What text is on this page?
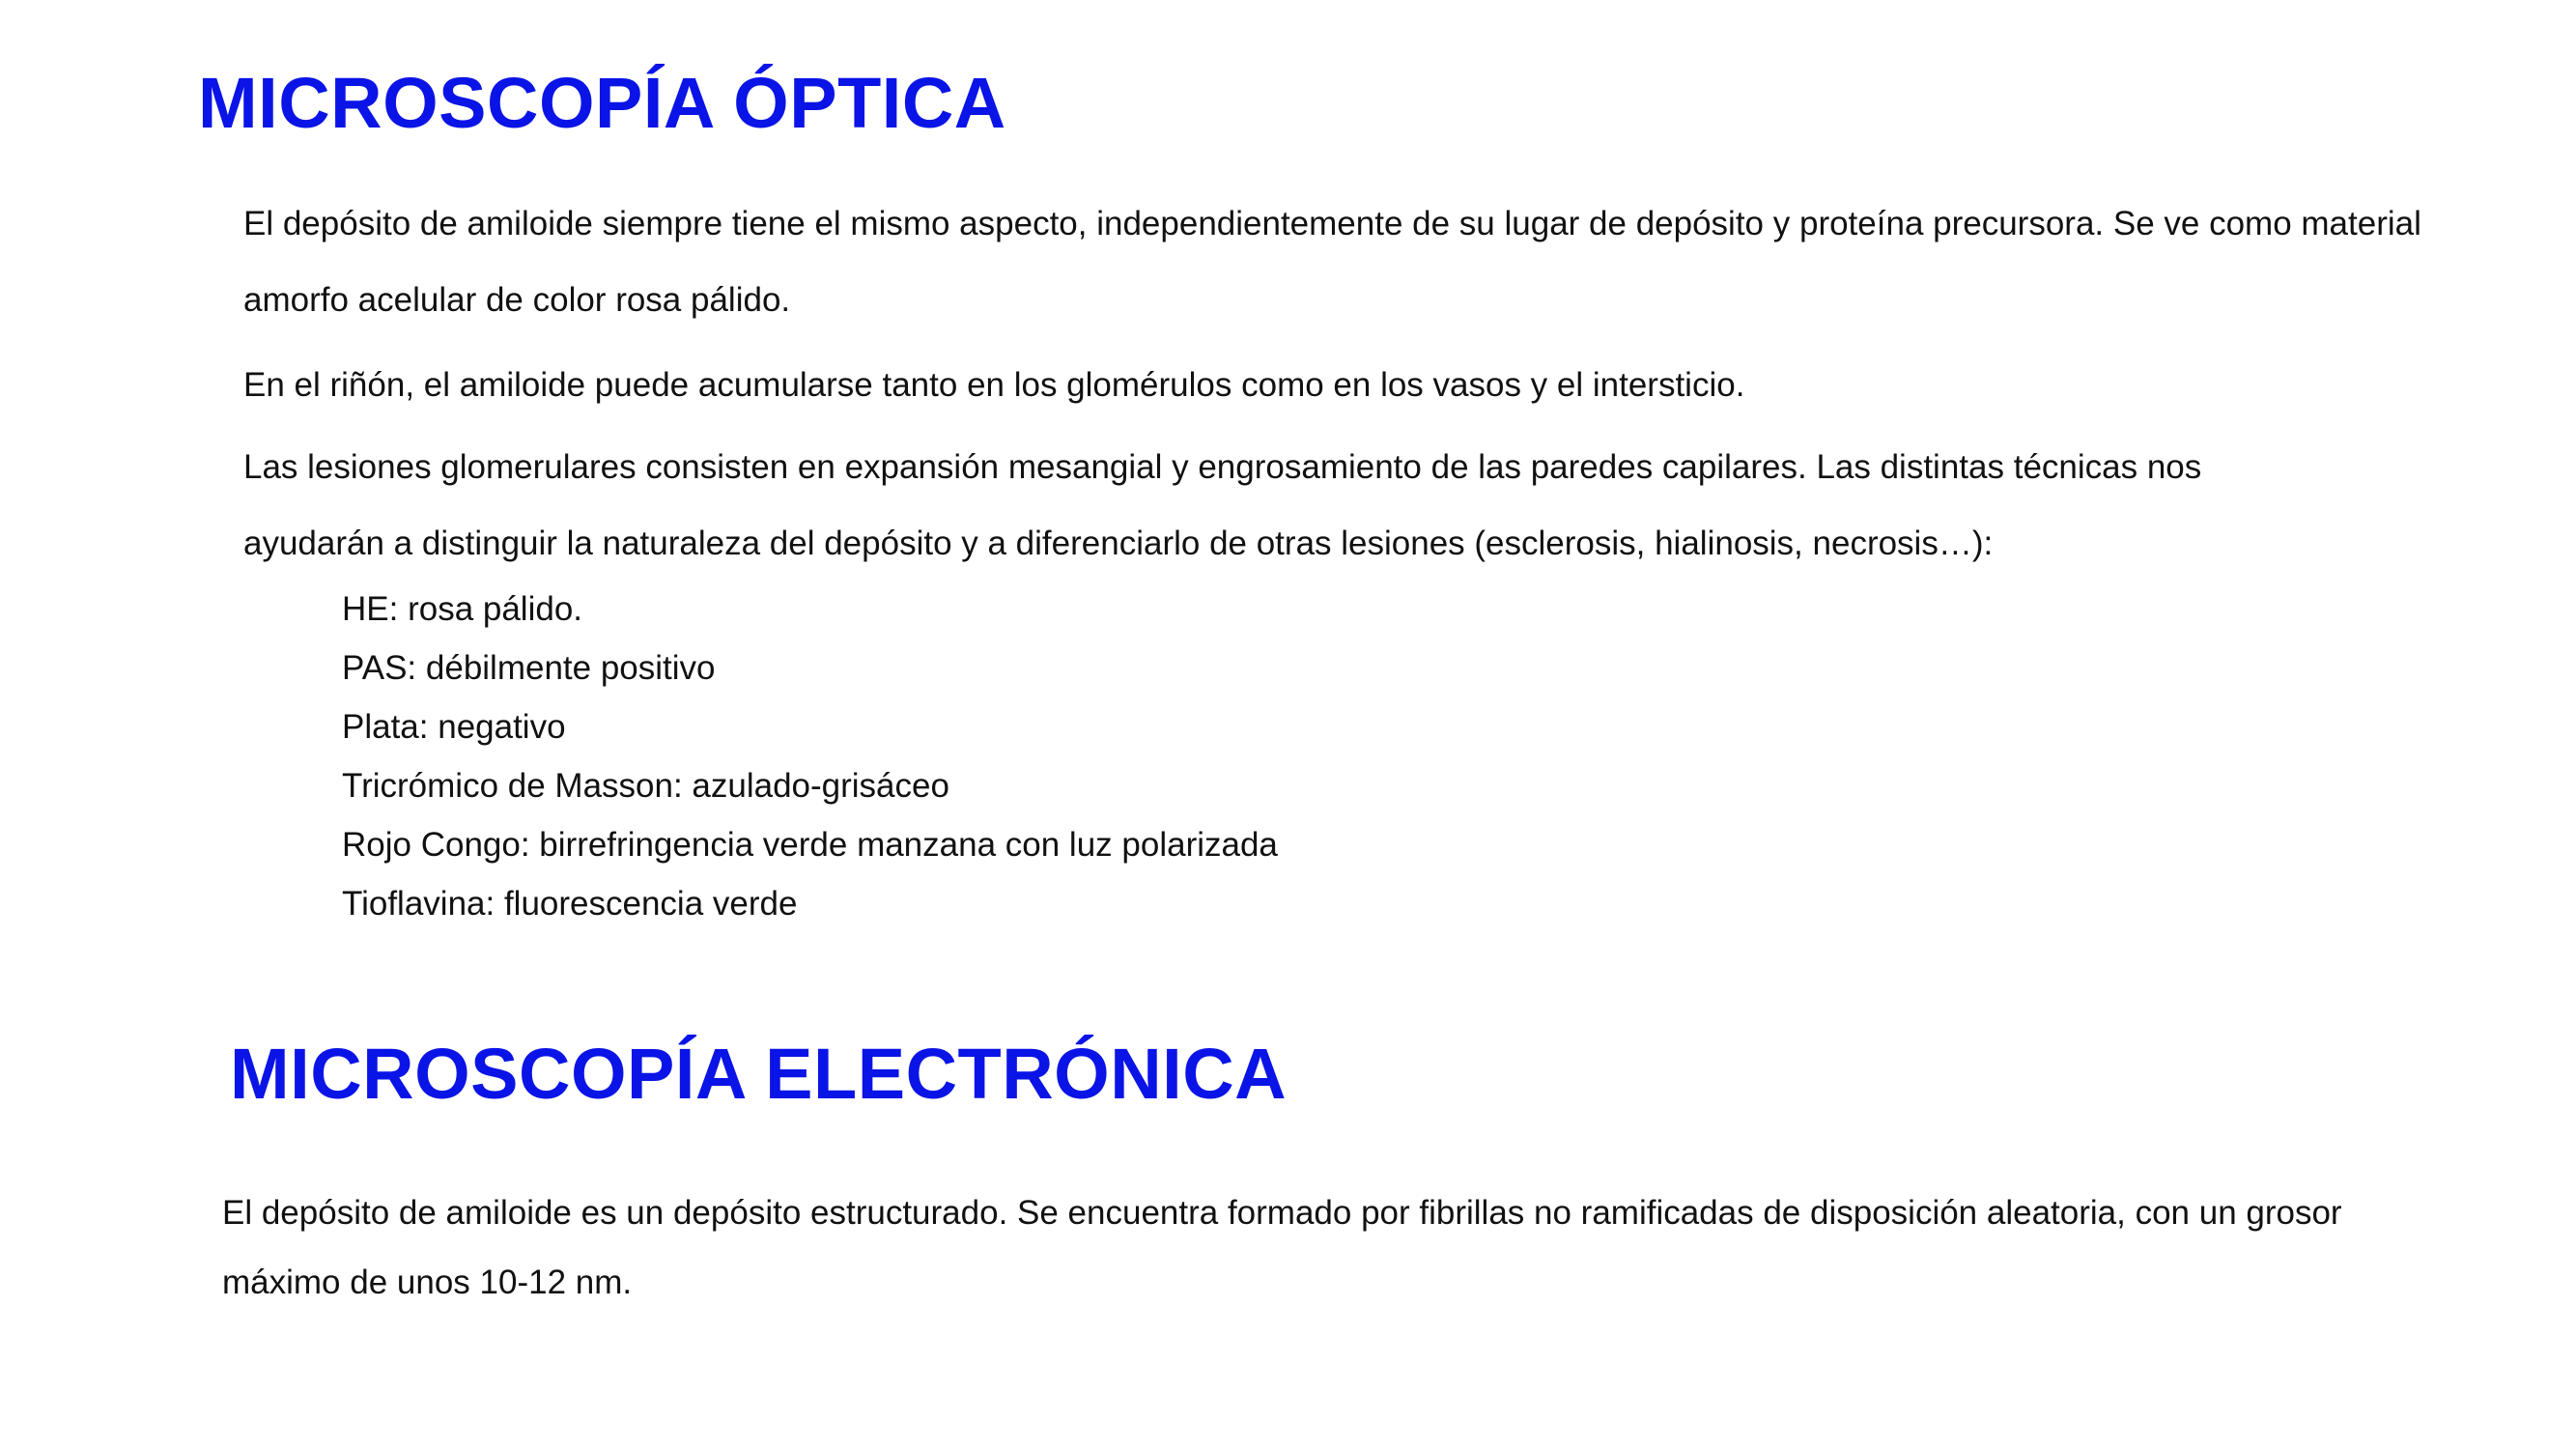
MICROSCOPÍA ÓPTICA

El depósito de amiloide siempre tiene el mismo aspecto, independientemente de su lugar de depósito y proteína precursora. Se ve como material amorfo acelular de color rosa pálido.

En el riñón, el amiloide puede acumularse tanto en los glomérulos como en los vasos y el intersticio.

Las lesiones glomerulares consisten en expansión mesangial y engrosamiento de las paredes capilares. Las distintas técnicas nos ayudarán a distinguir la naturaleza del depósito y a diferenciarlo de otras lesiones (esclerosis, hialinosis, necrosis…):

HE: rosa pálido.
PAS: débilmente positivo
Plata: negativo
Tricrómico de Masson: azulado-grisáceo
Rojo Congo: birrefringencia verde manzana con luz polarizada
Tioflavina: fluorescencia verde
MICROSCOPÍA ELECTRÓNICA

El depósito de amiloide es un depósito estructurado. Se encuentra formado por fibrillas no ramificadas de disposición aleatoria, con un grosor máximo de unos 10-12 nm.
